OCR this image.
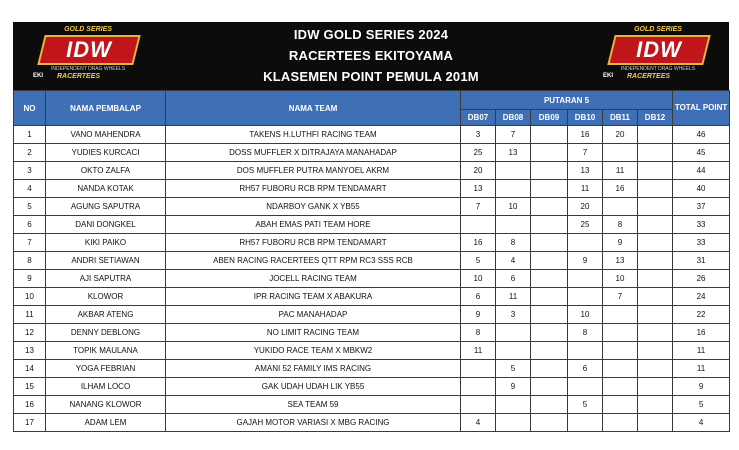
GOLD SERIES
IDW
INDEPENDENT DRAG WHEELS
EKI RACERTEES
IDW GOLD SERIES 2024
RACERTEES EKITOYAMA
KLASEMEN POINT PEMULA 201M
GOLD SERIES
IDW
INDEPENDENT DRAG WHEELS
EKI RACERTEES
NO	NAMA PEMBALAP	NAMA TEAM	PUTARAN 5						TOTAL POINT
			DB07	DB08	DB09	DB10	DB11	DB12	
1	VANO MAHENDRA	TAKENS H.LUTHFI RACING TEAM	3	7		16	20		46
2	YUDIES KURCACI	DOSS MUFFLER X DITRAJAYA MANAHADAP	25	13		7			45
3	OKTO ZALFA	DOS MUFFLER PUTRA MANYOEL AKRM	20			13	11		44
4	NANDA KOTAK	RH57 FUBORU RCB RPM TENDAMART	13			11	16		40
5	AGUNG SAPUTRA	NDARBOY GANK X YB55	7	10		20			37
6	DANI DONGKEL	ABAH EMAS PATI TEAM HORE				25	8		33
7	KIKI PAIKO	RH57 FUBORU RCB RPM TENDAMART	16	8			9		33
8	ANDRI SETIAWAN	ABEN RACING RACERTEES QTT RPM RC3 SSS RCB	5	4		9	13		31
9	AJI SAPUTRA	JOCELL RACING TEAM	10	6			10		26
10	KLOWOR	IPR RACING TEAM X ABAKURA	6	11			7		24
11	AKBAR ATENG	PAC MANAHADAP	9	3		10			22
12	DENNY DEBLONG	NO LIMIT RACING TEAM	8			8			16
13	TOPIK MAULANA	YUKIDO RACE TEAM X MBKW2	11						11
14	YOGA FEBRIAN	AMANI 52 FAMILY IMS RACING		5		6			11
15	ILHAM LOCO	GAK UDAH UDAH LIK YB55		9					9
16	NANANG KLOWOR	SEA TEAM 59				5			5
17	ADAM LEM	GAJAH MOTOR VARIASI X MBG RACING	4						4
